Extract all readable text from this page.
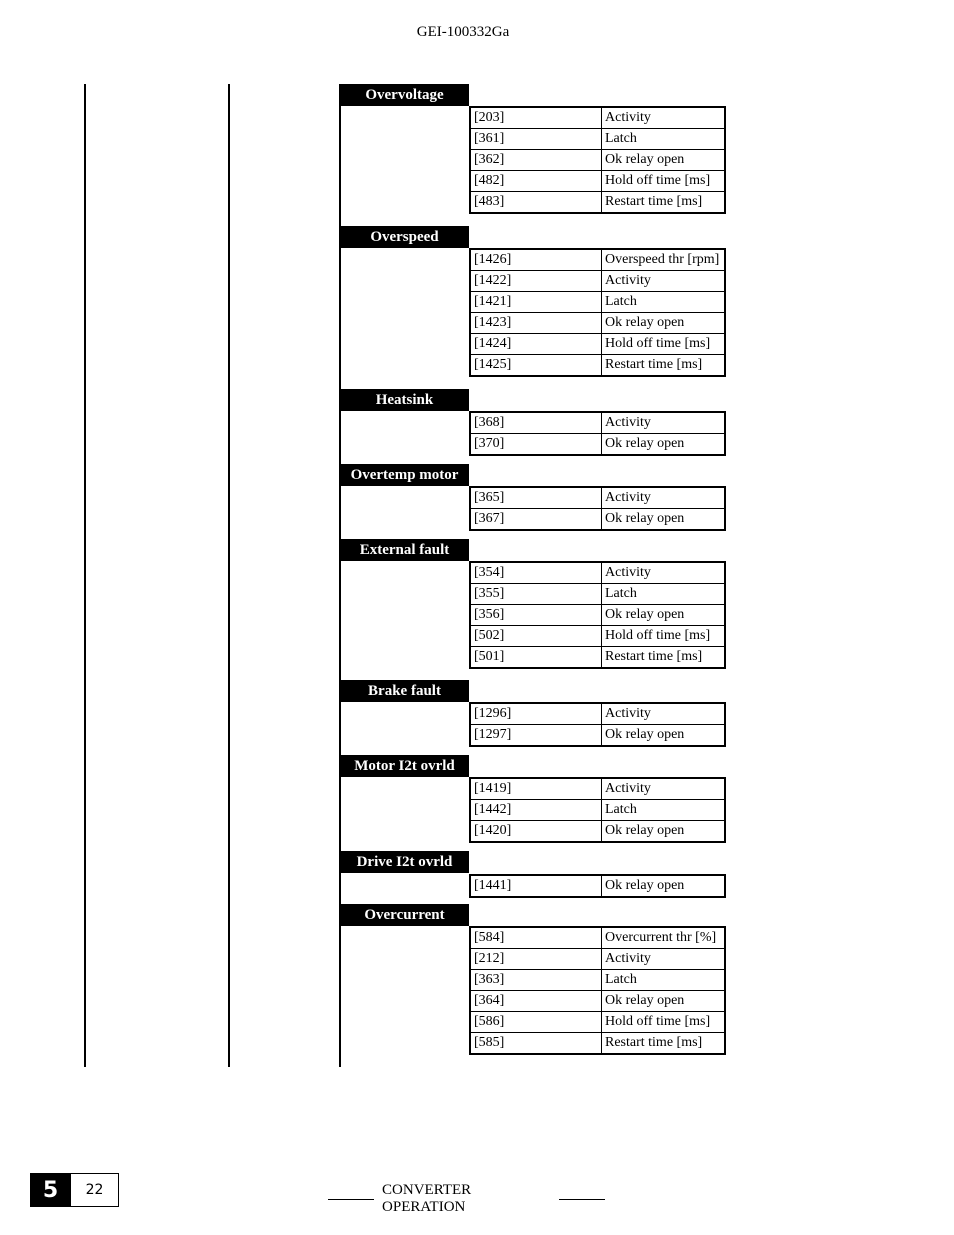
GEI-100332Ga
Overvoltage
[203]	Activity
[361]	Latch
[362]	Ok relay open
[482]	Hold off time [ms]
[483]	Restart time [ms]
Overspeed
[1426]	Overspeed thr [rpm]
[1422]	Activity
[1421]	Latch
[1423]	Ok relay open
[1424]	Hold off time [ms]
[1425]	Restart time [ms]
Heatsink
[368]	Activity
[370]	Ok relay open
Overtemp motor
[365]	Activity
[367]	Ok relay open
External fault
[354]	Activity
[355]	Latch
[356]	Ok relay open
[502]	Hold off time [ms]
[501]	Restart time [ms]
Brake fault
[1296]	Activity
[1297]	Ok relay open
Motor I2t ovrld
[1419]	Activity
[1442]	Latch
[1420]	Ok relay open
Drive I2t ovrld
[1441]	Ok relay open
Overcurrent
[584]	Overcurrent thr [%]
[212]	Activity
[363]	Latch
[364]	Ok relay open
[586]	Hold off time [ms]
[585]	Restart time [ms]
5	22	CONVERTER OPERATION
